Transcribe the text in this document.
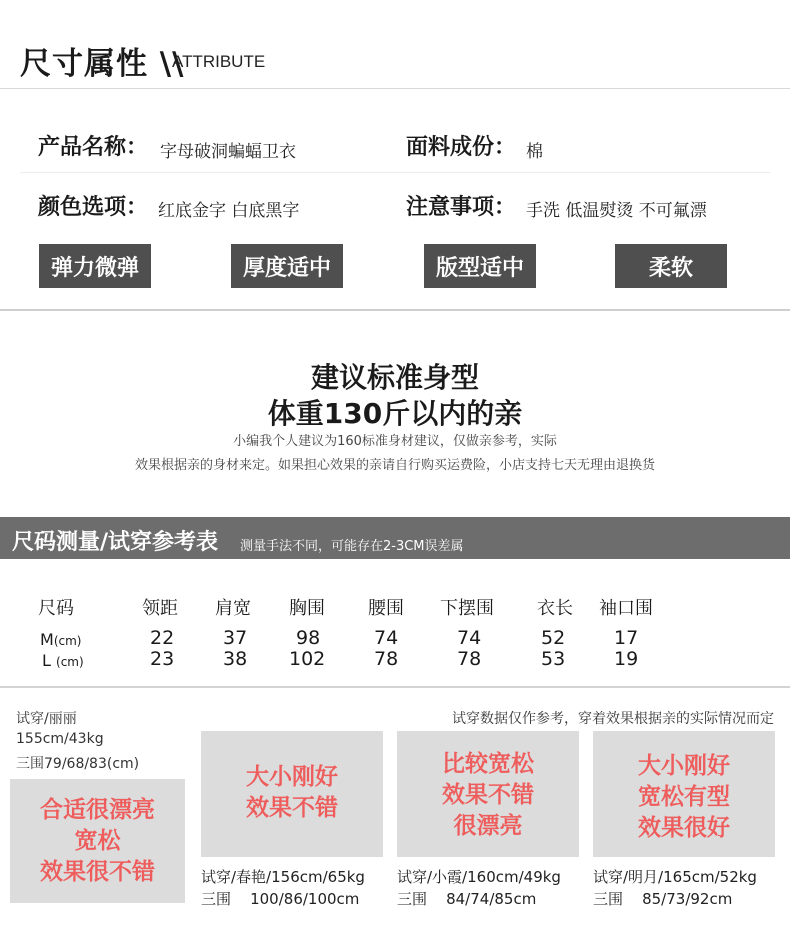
尺寸属性 \\
ATTRIBUTE
产品名称： 字母破洞蝙蝠卫衣	面料成份： 棉
颜色选项： 红底金字 白底黑字	注意事项： 手洗 低温熨烫 不可氟漂
弹力微弹	厚度适中	版型适中	柔软
建议标准身型
体重130斤以内的亲
小编我个人建议为160标准身材建议，仅做亲参考，实际
效果根据亲的身材来定。如果担心效果的亲请自行购买运费险，小店支持七天无理由退换货
尺码测量/试穿参考表 测量手法不同，可能存在2-3CM误差属
尺码	领距 肩宽 胸围 腰围 下摆围 衣长 袖口围
M(cm)	22	37	98	74	74	52	17
L (cm)	23	38 102	78	78	53	19
试穿/丽丽
155cm/43kg
三围79/68/83(cm)
试穿数据仅作参考，穿着效果根据亲的实际情况而定
合适很漂亮
宽松
效果很不错
大小刚好
效果不错
试穿/春艳/156cm/65kg
三围 100/86/100cm
比较宽松
效果不错
很漂亮
试穿/小霞/160cm/49kg
三围 84/74/85cm
大小刚好
宽松有型
效果很好
试穿/明月/165cm/52kg
三围 85/73/92cm
